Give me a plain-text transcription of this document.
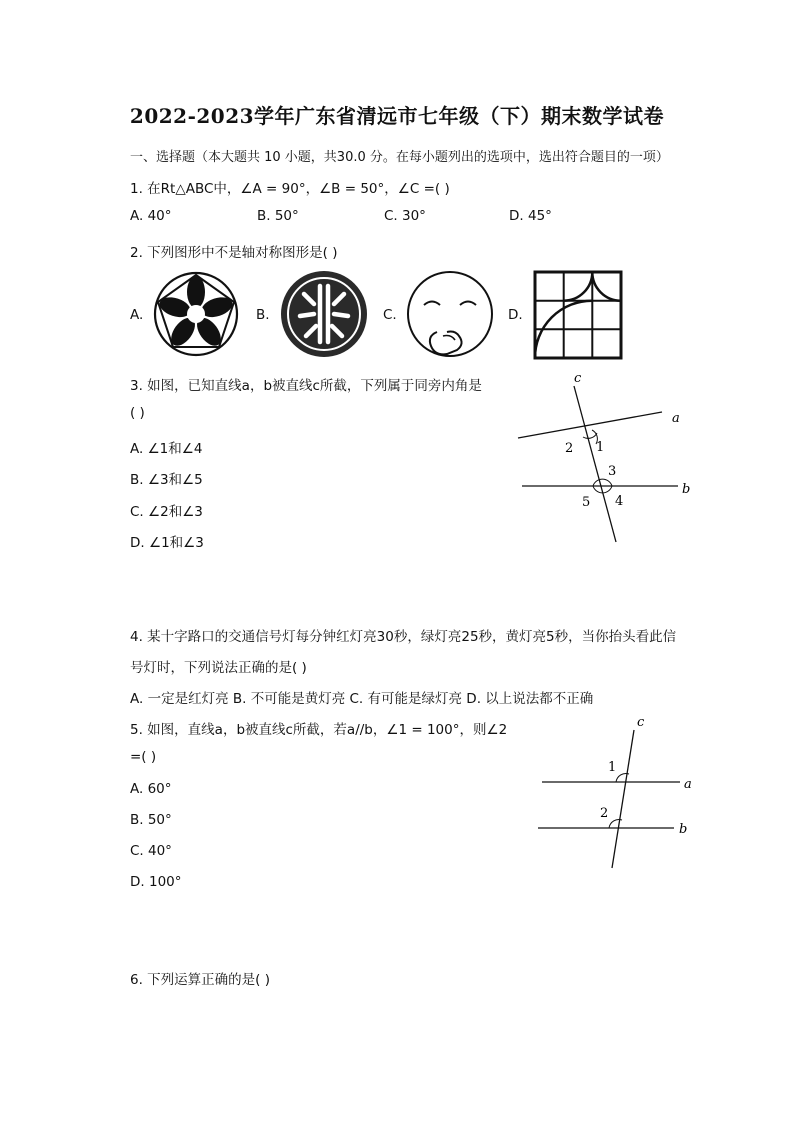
2022-2023学年广东省清远市七年级（下）期末数学试卷
一、选择题（本大题共 10 小题，共30.0 分。在每小题列出的选项中，选出符合题目的一项）
1. 在Rt△ABC中，∠A = 90°，∠B = 50°，∠C =( )
A. 40°	B. 50°	C. 30°	D. 45°
2. 下列图形中不是轴对称图形是( )
A.	B.	C.	D.
3. 如图，已知直线a，b被直线c所截，下列属于同旁内角是
( )
A. ∠1和∠4
B. ∠3和∠5
C. ∠2和∠3
D. ∠1和∠3
c
a
b
1
2
3
4
5
4. 某十字路口的交通信号灯每分钟红灯亮30秒，绿灯亮25秒，黄灯亮5秒，当你抬头看此信
号灯时，下列说法正确的是( )
A. 一定是红灯亮 B. 不可能是黄灯亮 C. 有可能是绿灯亮 D. 以上说法都不正确
5. 如图，直线a，b被直线c所截，若a//b，∠1 = 100°，则∠2
=( )
A. 60°
B. 50°
C. 40°
D. 100°
c
a
b
1
2
6. 下列运算正确的是( )
